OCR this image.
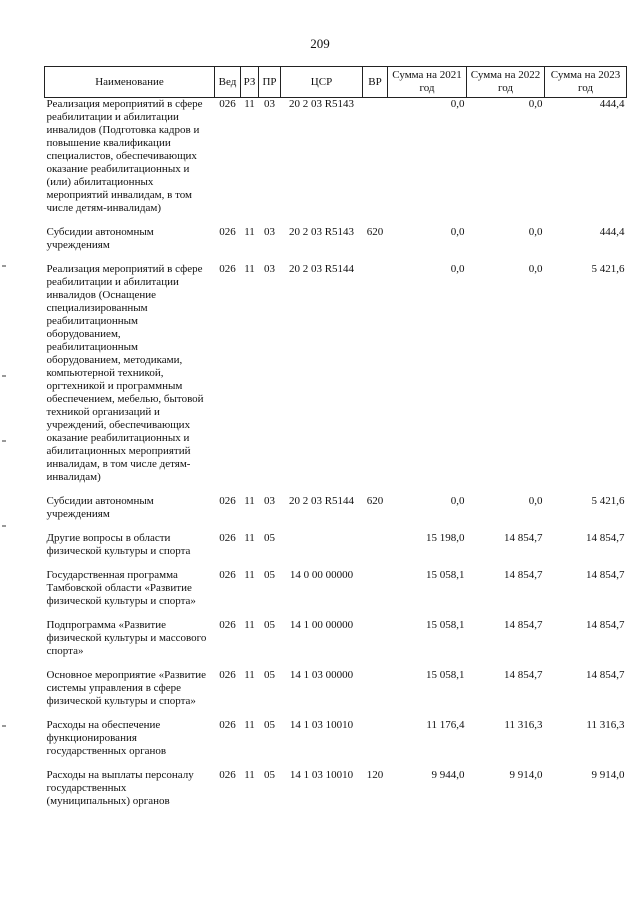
209
Наименование	Вед	РЗ	ПР	ЦСР	ВР	Сумма на 2021 год	Сумма на 2022 год	Сумма на 2023 год
Реализация мероприятий в сфере реабилитации и абилитации инвалидов (Подготовка кадров и повышение квалификации специалистов, обеспечивающих оказание реабилитационных и (или) абилитационных мероприятий инвалидам, в том числе детям-инвалидам)	026	11	03	20 2 03 R5143		0,0	0,0	444,4
Субсидии автономным учреждениям	026	11	03	20 2 03 R5143	620	0,0	0,0	444,4
Реализация мероприятий в сфере реабилитации и абилитации инвалидов (Оснащение специализированным реабилитационным оборудованием, реабилитационным оборудованием, методиками, компьютерной техникой, оргтехникой и программным обеспечением, мебелью, бытовой техникой организаций и учреждений, обеспечивающих оказание реабилитационных и абилитационных мероприятий инвалидам, в том числе детям-инвалидам)	026	11	03	20 2 03 R5144		0,0	0,0	5 421,6
Субсидии автономным учреждениям	026	11	03	20 2 03 R5144	620	0,0	0,0	5 421,6
Другие вопросы в области физической культуры и спорта	026	11	05			15 198,0	14 854,7	14 854,7
Государственная программа Тамбовской области «Развитие физической культуры и спорта»	026	11	05	14 0 00 00000		15 058,1	14 854,7	14 854,7
Подпрограмма «Развитие физической культуры и массового спорта»	026	11	05	14 1 00 00000		15 058,1	14 854,7	14 854,7
Основное мероприятие «Развитие системы управления в сфере физической культуры и спорта»	026	11	05	14 1 03 00000		15 058,1	14 854,7	14 854,7
Расходы на обеспечение функционирования государственных органов	026	11	05	14 1 03 10010		11 176,4	11 316,3	11 316,3
Расходы на выплаты персоналу государственных (муниципальных) органов	026	11	05	14 1 03 10010	120	9 944,0	9 914,0	9 914,0
